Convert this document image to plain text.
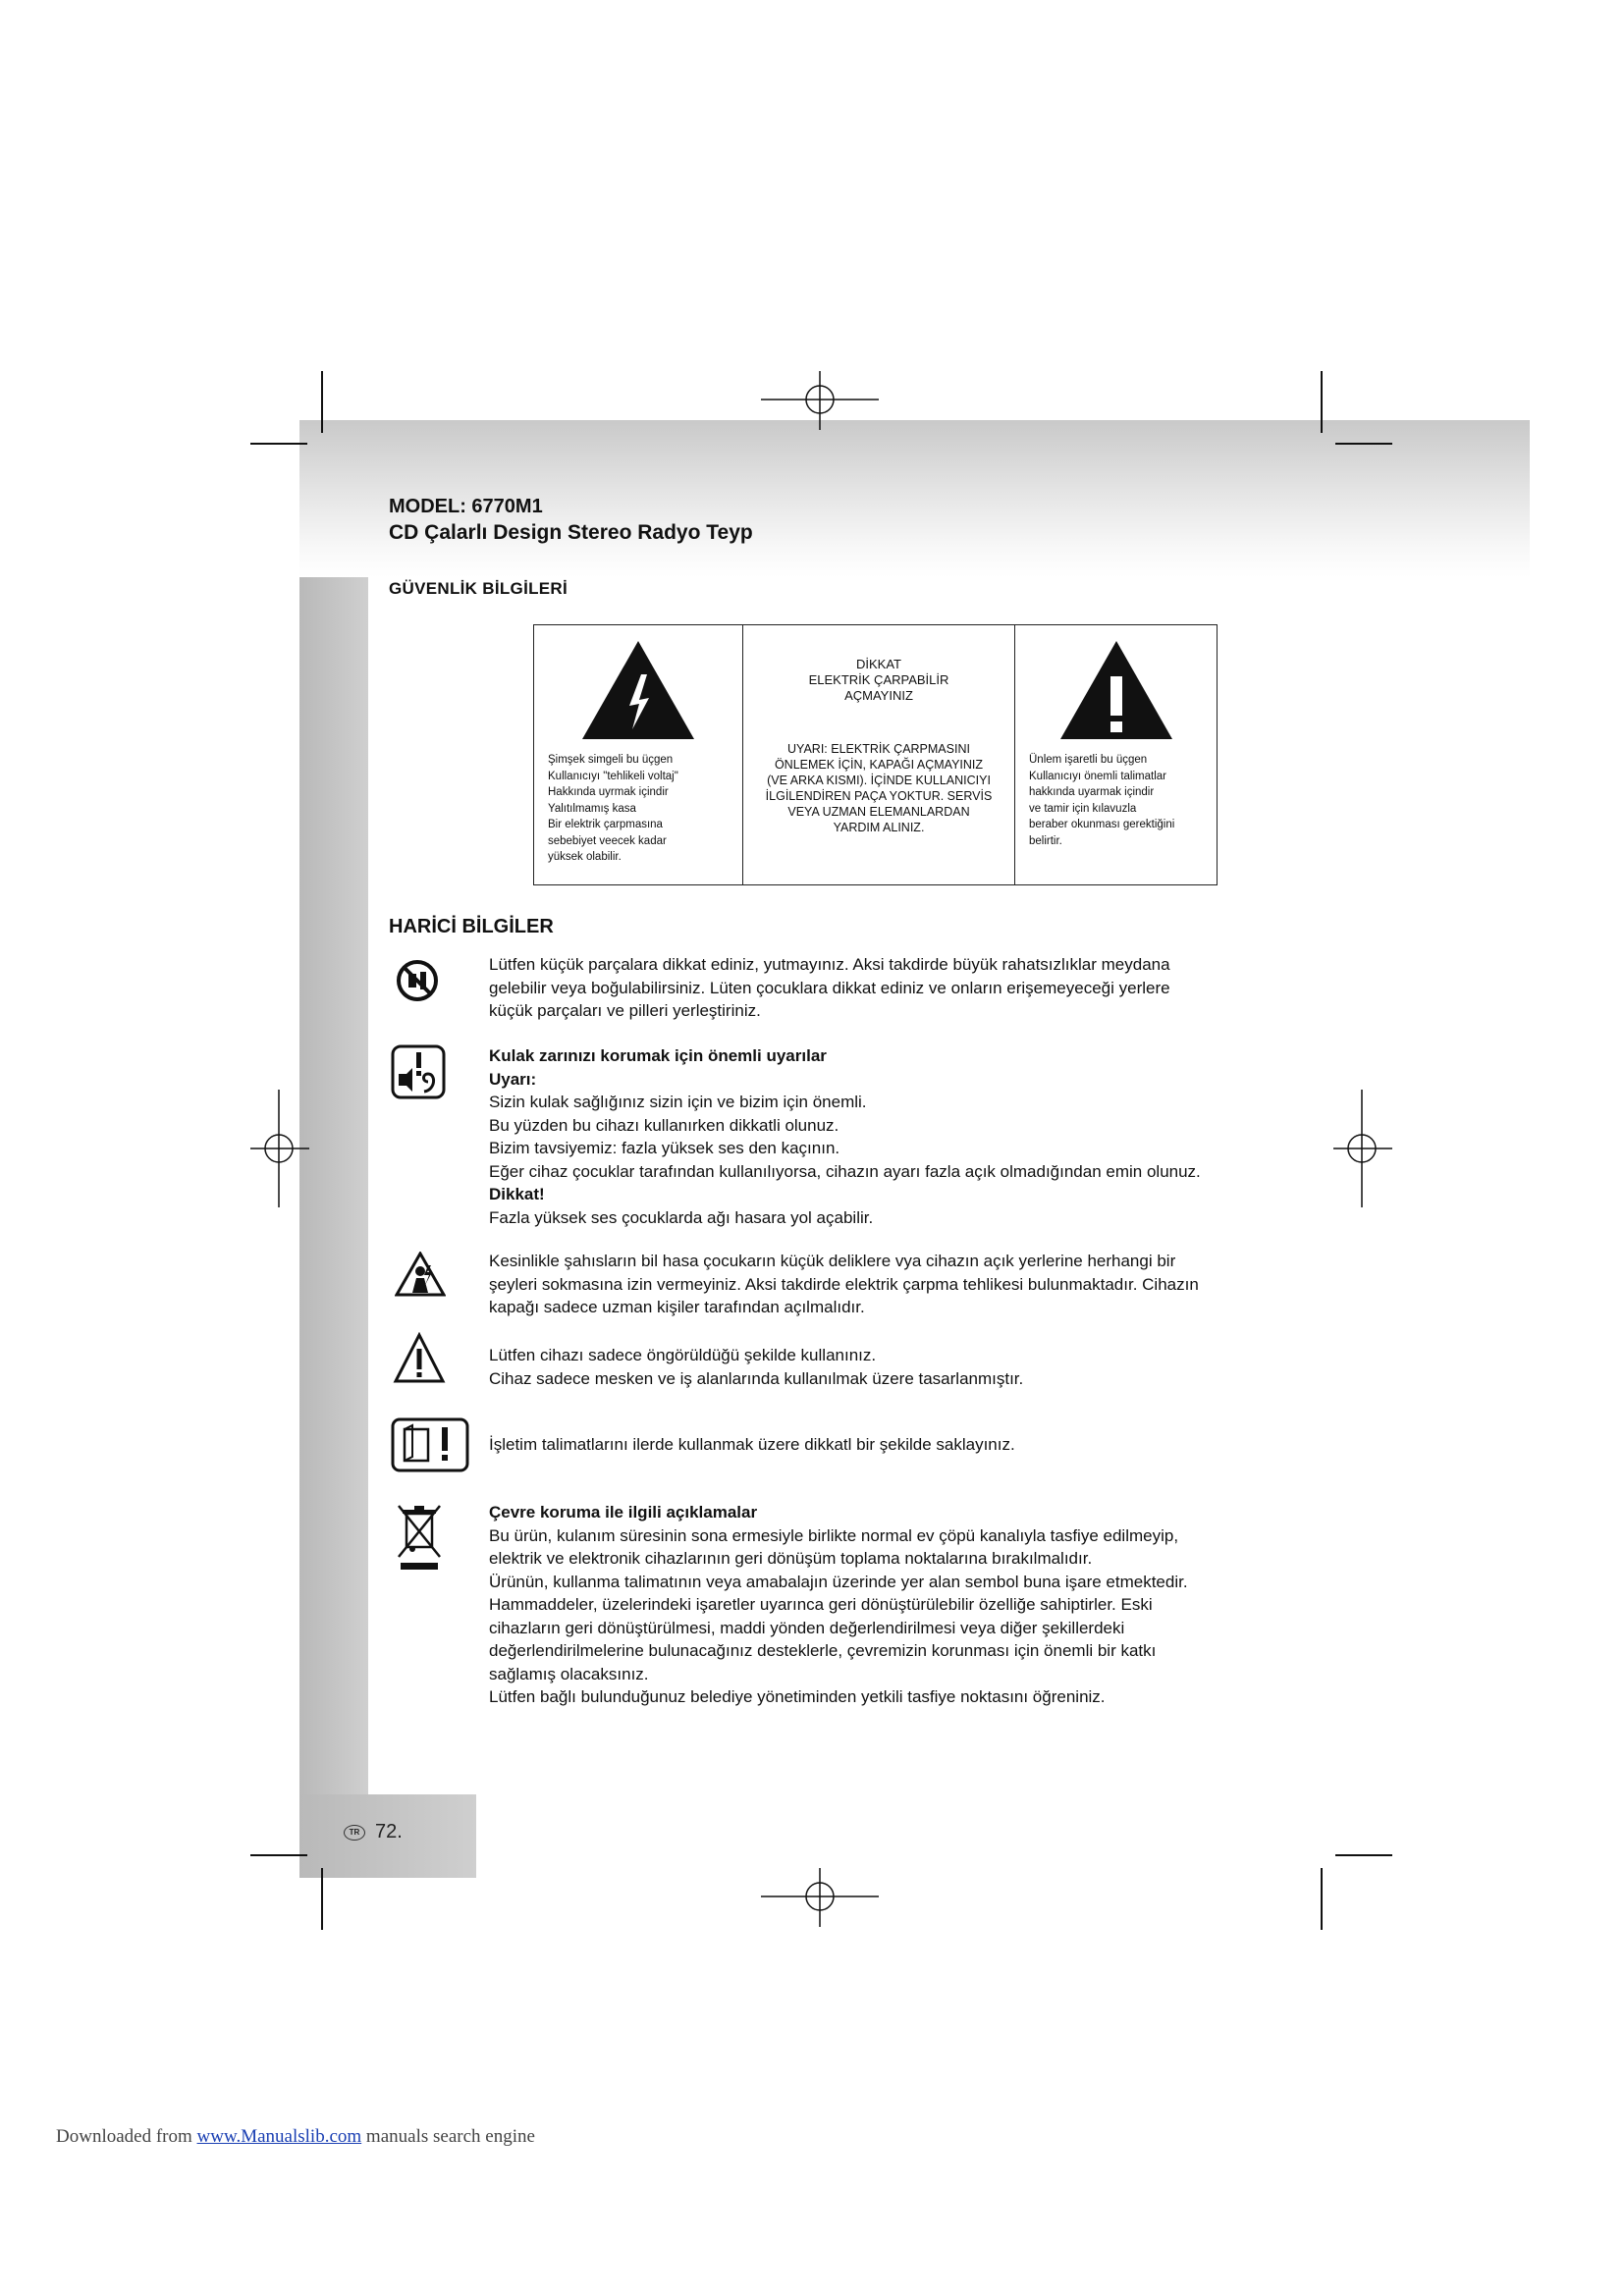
MODEL: 6770M1
CD Çalarlı Design Stereo Radyo Teyp
GÜVENLİK BİLGİLERİ
Şimşek simgeli bu üçgen
Kullanıcıyı "tehlikeli voltaj"
Hakkında uyrmak içindir
Yalıtılmamış kasa
Bir elektrik çarpmasına
sebebiyet veecek kadar
yüksek olabilir.
DİKKAT
ELEKTRİK ÇARPABİLİR
AÇMAYINIZ
UYARI: ELEKTRİK ÇARPMASINI
ÖNLEMEK İÇİN, KAPAĞI AÇMAYINIZ
(VE ARKA KISMI). İÇİNDE KULLANICIYI
İLGİLENDİREN PAÇA YOKTUR. SERVİS
VEYA UZMAN ELEMANLARDAN
YARDIM ALINIZ.
Ünlem işaretli bu üçgen
Kullanıcıyı önemli talimatlar
hakkında uyarmak içindir
ve tamir için kılavuzla
beraber okunması gerektiğini
belirtir.
HARİCİ BİLGİLER
Lütfen küçük parçalara dikkat ediniz, yutmayınız. Aksi takdirde büyük rahatsızlıklar meydana
gelebilir veya boğulabilirsiniz. Lüten çocuklara dikkat ediniz ve onların erişemeyeceği yerlere
küçük parçaları ve pilleri yerleştiriniz.
Kulak zarınızı korumak için önemli uyarılar
Uyarı:
Sizin kulak sağlığınız sizin için ve bizim için önemli.
Bu yüzden bu cihazı kullanırken dikkatli olunuz.
Bizim tavsiyemiz: fazla yüksek ses den kaçının.
Eğer cihaz çocuklar tarafından kullanılıyorsa, cihazın ayarı fazla açık olmadığından emin olunuz.
Dikkat!
Fazla yüksek ses çocuklarda ağı hasara yol açabilir.
Kesinlikle şahısların bil hasa çocukarın küçük deliklere vya cihazın açık yerlerine herhangi bir
şeyleri sokmasına izin vermeyiniz. Aksi takdirde elektrik çarpma tehlikesi bulunmaktadır. Cihazın
kapağı sadece uzman kişiler tarafından açılmalıdır.
Lütfen cihazı sadece öngörüldüğü şekilde kullanınız.
Cihaz sadece mesken ve iş alanlarında kullanılmak üzere tasarlanmıştır.
İşletim talimatlarını ilerde kullanmak üzere dikkatl bir şekilde saklayınız.
Çevre koruma ile ilgili açıklamalar
Bu ürün, kulanım süresinin sona ermesiyle birlikte normal ev çöpü kanalıyla tasfiye edilmeyip,
elektrik ve elektronik cihazlarının geri dönüşüm toplama noktalarına bırakılmalıdır.
Ürünün, kullanma talimatının veya amabalajın üzerinde yer alan sembol buna işare etmektedir.
Hammaddeler, üzelerindeki işaretler uyarınca geri dönüştürülebilir özelliğe sahiptirler. Eski
cihazların geri dönüştürülmesi, maddi yönden değerlendirilmesi veya diğer şekillerdeki
değerlendirilmelerine bulunacağınız desteklerle, çevremizin korunması için önemli bir katkı
sağlamış olacaksınız.
Lütfen bağlı bulunduğunuz belediye yönetiminden yetkili tasfiye noktasını öğreniniz.
TR 72.
Downloaded from www.Manualslib.com manuals search engine
